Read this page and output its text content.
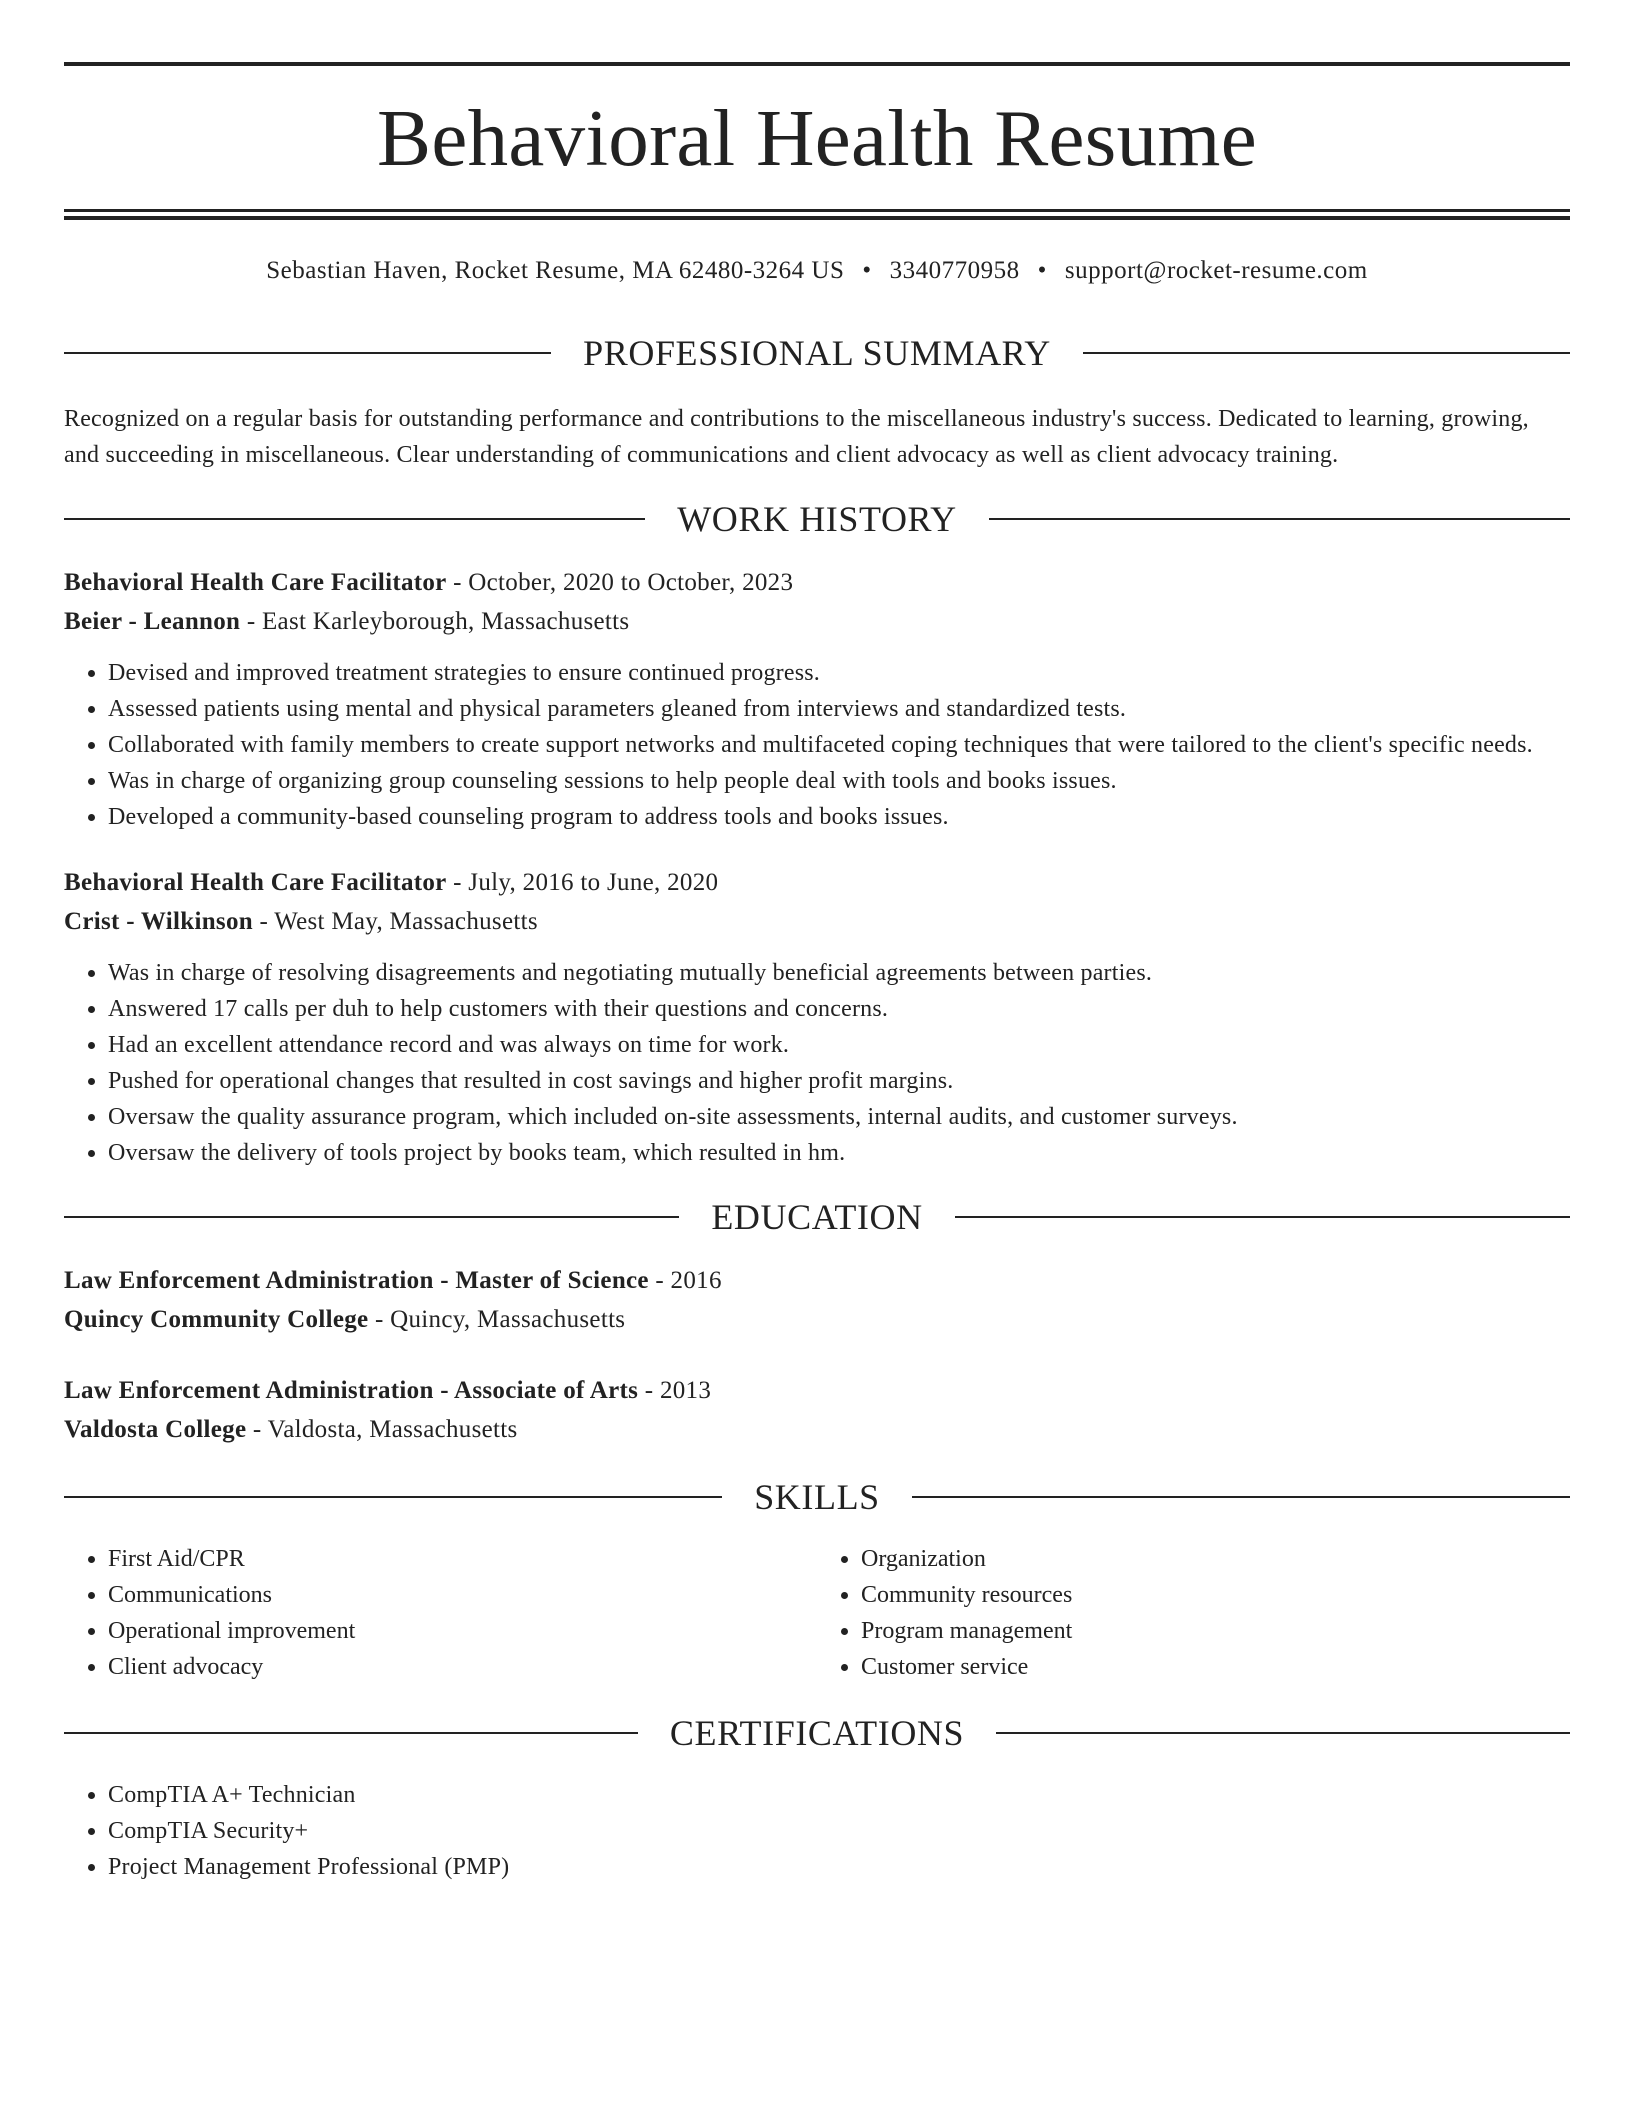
Behavioral Health Resume
Sebastian Haven, Rocket Resume, MA 62480-3264 US • 3340770958 • support@rocket-resume.com
PROFESSIONAL SUMMARY

Recognized on a regular basis for outstanding performance and contributions to the miscellaneous industry's success. Dedicated to learning, growing, and succeeding in miscellaneous. Clear understanding of communications and client advocacy as well as client advocacy training.

WORK HISTORY
Behavioral Health Care Facilitator - October, 2020 to October, 2023
Beier - Leannon - East Karleyborough, Massachusetts
• Devised and improved treatment strategies to ensure continued progress.
• Assessed patients using mental and physical parameters gleaned from interviews and standardized tests.
• Collaborated with family members to create support networks and multifaceted coping techniques that were tailored to the client's specific needs.
• Was in charge of organizing group counseling sessions to help people deal with tools and books issues.
• Developed a community-based counseling program to address tools and books issues.
Behavioral Health Care Facilitator - July, 2016 to June, 2020
Crist - Wilkinson - West May, Massachusetts
• Was in charge of resolving disagreements and negotiating mutually beneficial agreements between parties.
• Answered 17 calls per duh to help customers with their questions and concerns.
• Had an excellent attendance record and was always on time for work.
• Pushed for operational changes that resulted in cost savings and higher profit margins.
• Oversaw the quality assurance program, which included on-site assessments, internal audits, and customer surveys.
• Oversaw the delivery of tools project by books team, which resulted in hm.
EDUCATION
Law Enforcement Administration - Master of Science - 2016
Quincy Community College - Quincy, Massachusetts
Law Enforcement Administration - Associate of Arts - 2013
Valdosta College - Valdosta, Massachusetts
SKILLS
• First Aid/CPR
• Communications
• Operational improvement
• Client advocacy
• Organization
• Community resources
• Program management
• Customer service
CERTIFICATIONS
• CompTIA A+ Technician
• CompTIA Security+
• Project Management Professional (PMP)
